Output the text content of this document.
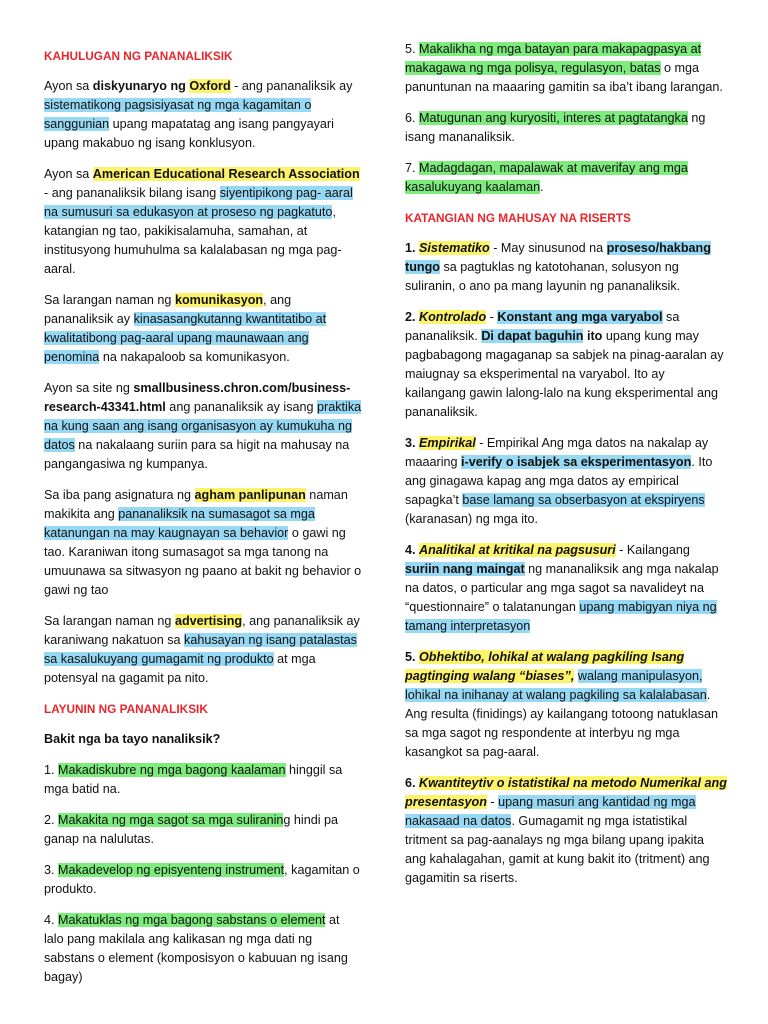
KAHULUGAN NG PANANALIKSIK

Ayon sa diskyunaryo ng Oxford - ang pananaliksik ay sistematikong pagsisiyasat ng mga kagamitan o sanggunian upang mapatatag ang isang pangyayari upang makabuo ng isang konklusyon.

Ayon sa American Educational Research Association - ang pananaliksik bilang isang siyentipikong pag- aaral na sumusuri sa edukasyon at proseso ng pagkatuto, katangian ng tao, pakikisalamuha, samahan, at institusyong humuhulma sa kalalabasan ng mga pag-aaral.

Sa larangan naman ng komunikasyon, ang pananaliksik ay kinasasangkutanng kwantitatibo at kwalitatibong pag-aaral upang maunawaan ang penomina na nakapaloob sa komunikasyon.

Ayon sa site ng smallbusiness.chron.com/business-research-43341.html ang pananaliksik ay isang praktika na kung saan ang isang organisasyon ay kumukuha ng datos na nakalaang suriin para sa higit na mahusay na pangangasiwa ng kumpanya.

Sa iba pang asignatura ng agham panlipunan naman makikita ang pananaliksik na sumasagot sa mga katanungan na may kaugnayan sa behavior o gawi ng tao. Karaniwan itong sumasagot sa mga tanong na umuunawa sa sitwasyon ng paano at bakit ng behavior o gawi ng tao

Sa larangan naman ng advertising, ang pananaliksik ay karaniwang nakatuon sa kahusayan ng isang patalastas sa kasalukuyang gumagamit ng produkto at mga potensyal na gagamit pa nito.

LAYUNIN NG PANANALIKSIK
Bakit nga ba tayo nanaliksik?

1. Makadiskubre ng mga bagong kaalaman hinggil sa mga batid na.

2. Makakita ng mga sagot sa mga suliraning hindi pa ganap na nalulutas.

3. Makadevelop ng episyenteng instrument, kagamitan o produkto.

4. Makatuklas ng mga bagong sabstans o element at lalo pang makilala ang kalikasan ng mga dati ng sabstans o element (komposisyon o kabuuan ng isang bagay)

5. Makalikha ng mga batayan para makapagpasya at makagawa ng mga polisya, regulasyon, batas o mga panuntunan na maaaring gamitin sa iba’t ibang larangan.

6. Matugunan ang kuryositi, interes at pagtatangka ng isang mananaliksik.

7. Madagdagan, mapalawak at maverifay ang mga kasalukuyang kaalaman.

KATANGIAN NG MAHUSAY NA RISERTS

1. Sistematiko - May sinusunod na proseso/hakbang tungo sa pagtuklas ng katotohanan, solusyon ng suliranin, o ano pa mang layunin ng pananaliksik.

2. Kontrolado - Konstant ang mga varyabol sa pananaliksik. Di dapat baguhin ito upang kung may pagbabagong magaganap sa sabjek na pinag-aaralan ay maiugnay sa eksperimental na varyabol. Ito ay kailangang gawin lalong-lalo na kung eksperimental ang pananaliksik.

3. Empirikal - Empirikal Ang mga datos na nakalap ay maaaring i-verify o isabjek sa eksperimentasyon. Ito ang ginagawa kapag ang mga datos ay empirical sapagka’t base lamang sa obserbasyon at ekspiryens (karanasan) ng mga ito.

4. Analitikal at kritikal na pagsusuri - Kailangang suriin nang maingat ng mananaliksik ang mga nakalap na datos, o particular ang mga sagot sa navalideyt na “questionnaire” o talatanungan upang mabigyan niya ng tamang interpretasyon

5. Obhektibo, lohikal at walang pagkiling Isang pagtinging walang “biases”, walang manipulasyon, lohikal na inihanay at walang pagkiling sa kalalabasan. Ang resulta (finidings) ay kailangang totoong natuklasan sa mga sagot ng respondente at interbyu ng mga kasangkot sa pag-aaral.

6. Kwantiteytiv o istatistikal na metodo Numerikal ang presentasyon - upang masuri ang kantidad ng mga nakasaad na datos. Gumagamit ng mga istatistikal tritment sa pag-aanalays ng mga bilang upang ipakita ang kahalagahan, gamit at kung bakit ito (tritment) ang gagamitin sa riserts.
